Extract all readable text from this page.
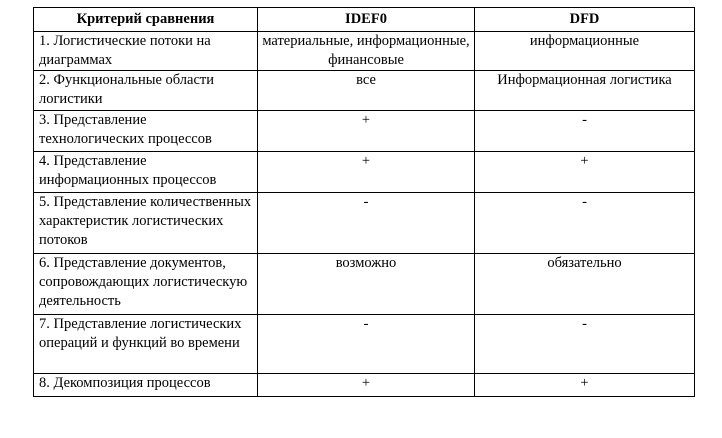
Критерий сравнения	IDEF0	DFD
1. Логистические потоки на диаграммах	материальные, информационные, финансовые	информационные
2. Функциональные области логистики	все	Информационная логистика
3. Представление технологических процессов	+	-
4. Представление информационных процессов	+	+
5. Представление количественных характеристик логистических потоков	-	-
6. Представление документов, сопровождающих логистическую деятельность	возможно	обязательно
7. Представление логистических операций и функций во времени	-	-
8. Декомпозиция процессов	+	+
